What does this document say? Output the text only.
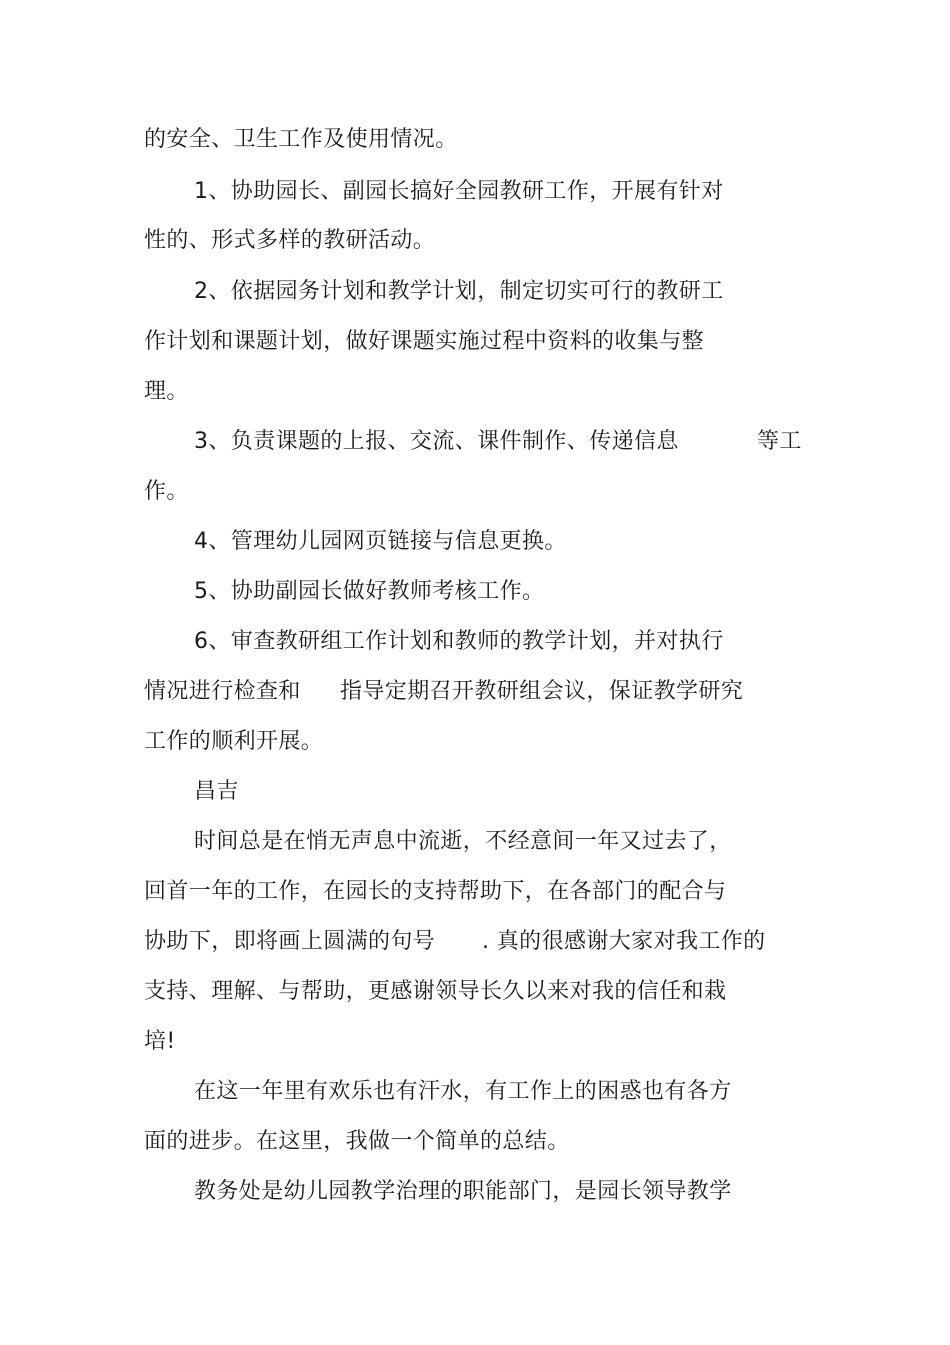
的安全、卫生工作及使用情况。
1、协助园长、副园长搞好全园教研工作，开展有针对
性的、形式多样的教研活动。
2、依据园务计划和教学计划，制定切实可行的教研工
作计划和课题计划，做好课题实施过程中资料的收集与整
理。
3、负责课题的上报、交流、课件制作、传递信息	等工
作。
4、管理幼儿园网页链接与信息更换。
5、协助副园长做好教师考核工作。
6、审查教研组工作计划和教师的教学计划，并对执行
情况进行检查和 指导定期召开教研组会议，保证教学研究
工作的顺利开展。
昌吉
时间总是在悄无声息中流逝，不经意间一年又过去了，
回首一年的工作，在园长的支持帮助下，在各部门的配合与
协助下，即将画上圆满的句号 . 真的很感谢大家对我工作的
支持、理解、与帮助，更感谢领导长久以来对我的信任和栽
培!
在这一年里有欢乐也有汗水，有工作上的困惑也有各方
面的进步。在这里，我做一个简单的总结。
教务处是幼儿园教学治理的职能部门，是园长领导教学
